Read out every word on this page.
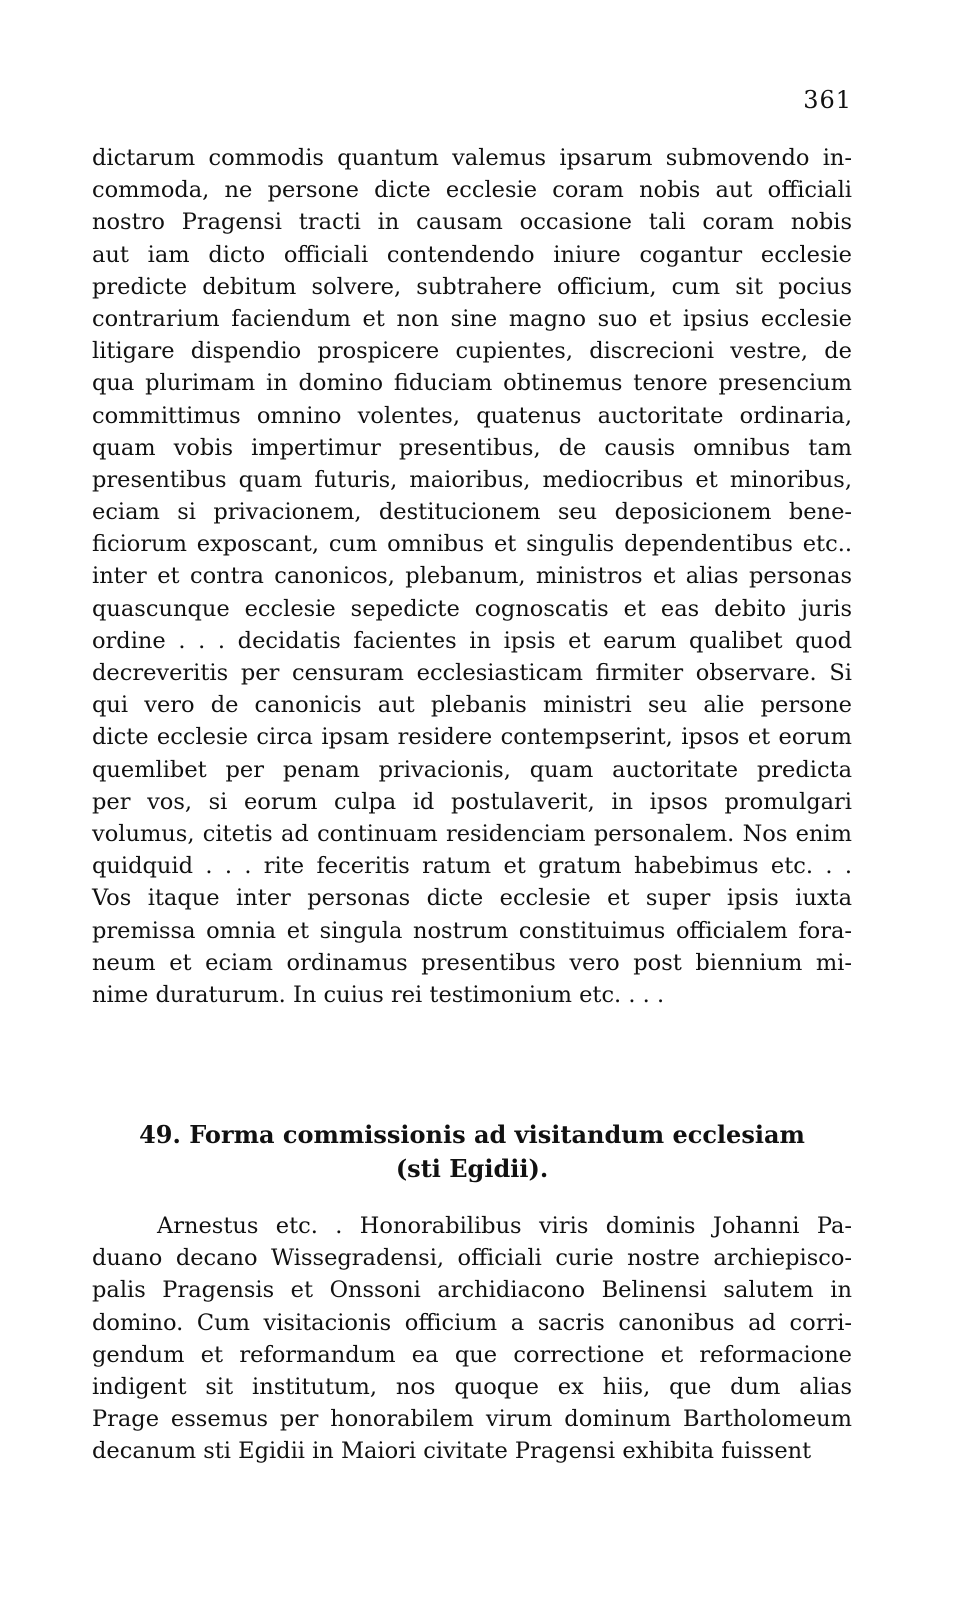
361
dictarum commodis quantum valemus ipsarum submovendo in-
commoda, ne persone dicte ecclesie coram nobis aut officiali
nostro Pragensi tracti in causam occasione tali coram nobis
aut iam dicto officiali contendendo iniure cogantur ecclesie
predicte debitum solvere, subtrahere officium, cum sit pocius
contrarium faciendum et non sine magno suo et ipsius ecclesie
litigare dispendio prospicere cupientes, discrecioni vestre, de
qua plurimam in domino fiduciam obtinemus tenore presencium
committimus omnino volentes, quatenus auctoritate ordinaria,
quam vobis impertimur presentibus, de causis omnibus tam
presentibus quam futuris, maioribus, mediocribus et minoribus,
eciam si privacionem, destitucionem seu deposicionem bene-
ficiorum exposcant, cum omnibus et singulis dependentibus etc..
inter et contra canonicos, plebanum, ministros et alias personas
quascunque ecclesie sepedicte cognoscatis et eas debito juris
ordine . . . decidatis facientes in ipsis et earum qualibet quod
decreveritis per censuram ecclesiasticam firmiter observare. Si
qui vero de canonicis aut plebanis ministri seu alie persone
dicte ecclesie circa ipsam residere contempserint, ipsos et eorum
quemlibet per penam privacionis, quam auctoritate predicta
per vos, si eorum culpa id postulaverit, in ipsos promulgari
volumus, citetis ad continuam residenciam personalem. Nos enim
quidquid . . . rite feceritis ratum et gratum habebimus etc. . .
Vos itaque inter personas dicte ecclesie et super ipsis iuxta
premissa omnia et singula nostrum constituimus officialem fora-
neum et eciam ordinamus presentibus vero post biennium mi-
nime duraturum. In cuius rei testimonium etc. . . .
49. Forma commissionis ad visitandum ecclesiam
(sti Egidii).
Arnestus etc. . Honorabilibus viris dominis Johanni Pa-
duano decano Wissegradensi, officiali curie nostre archiepisco-
palis Pragensis et Onssoni archidiacono Belinensi salutem in
domino. Cum visitacionis officium a sacris canonibus ad corri-
gendum et reformandum ea que correctione et reformacione
indigent sit institutum, nos quoque ex hiis, que dum alias
Prage essemus per honorabilem virum dominum Bartholomeum
decanum sti Egidii in Maiori civitate Pragensi exhibita fuissent
